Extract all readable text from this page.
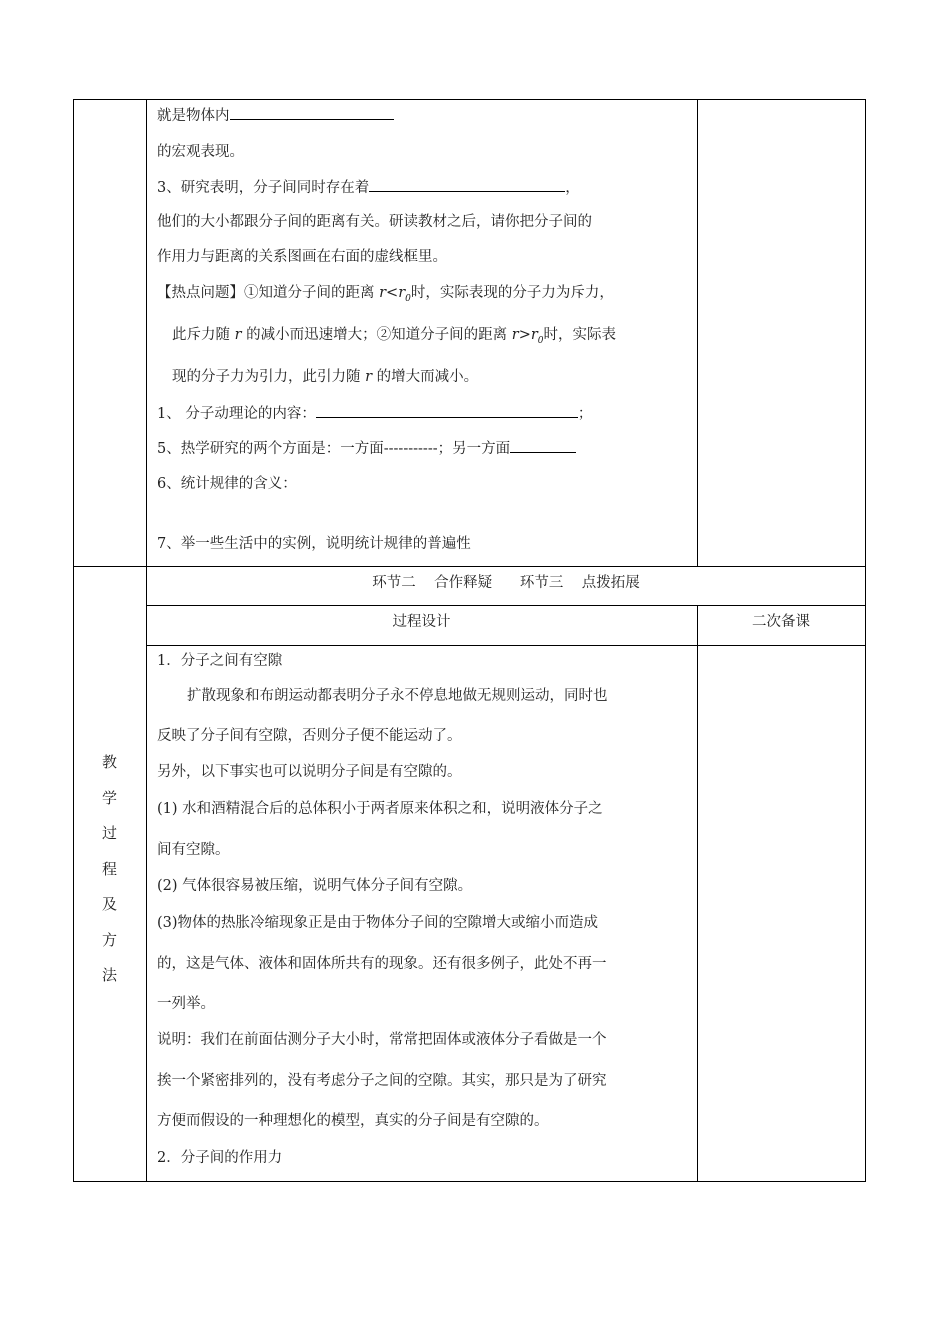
就是物体内
的宏观表现。
3、研究表明，分子间同时存在着	，
他们的大小都跟分子间的距离有关。研读教材之后，请你把分子间的
作用力与距离的关系图画在右面的虚线框里。
【热点问题】①知道分子间的距离 $r<r_0$时，实际表现的分子力为斥力，
此斥力随 r 的减小而迅速增大；②知道分子间的距离 $r>r_0$时，实际表
现的分子力为引力，此引力随 r 的增大而减小。
1、 分子动理论的内容：	；
5、热学研究的两个方面是：一方面-----------；另一方面
6、统计规律的含义：
7、举一些生活中的实例，说明统计规律的普遍性
环节二    合作释疑      环节三    点拨拓展
过程设计	二次备课
教
学
过
程
及
方
法
1．分子之间有空隙
扩散现象和布朗运动都表明分子永不停息地做无规则运动，同时也
反映了分子间有空隙，否则分子便不能运动了。
另外，以下事实也可以说明分子间是有空隙的。
(1) 水和酒精混合后的总体积小于两者原来体积之和，说明液体分子之
间有空隙。
(2) 气体很容易被压缩，说明气体分子间有空隙。
(3)物体的热胀冷缩现象正是由于物体分子间的空隙增大或缩小而造成
的，这是气体、液体和固体所共有的现象。还有很多例子，此处不再一
一列举。
说明：我们在前面估测分子大小时，常常把固体或液体分子看做是一个
挨一个紧密排列的，没有考虑分子之间的空隙。其实，那只是为了研究
方便而假设的一种理想化的模型，真实的分子间是有空隙的。
2．分子间的作用力
